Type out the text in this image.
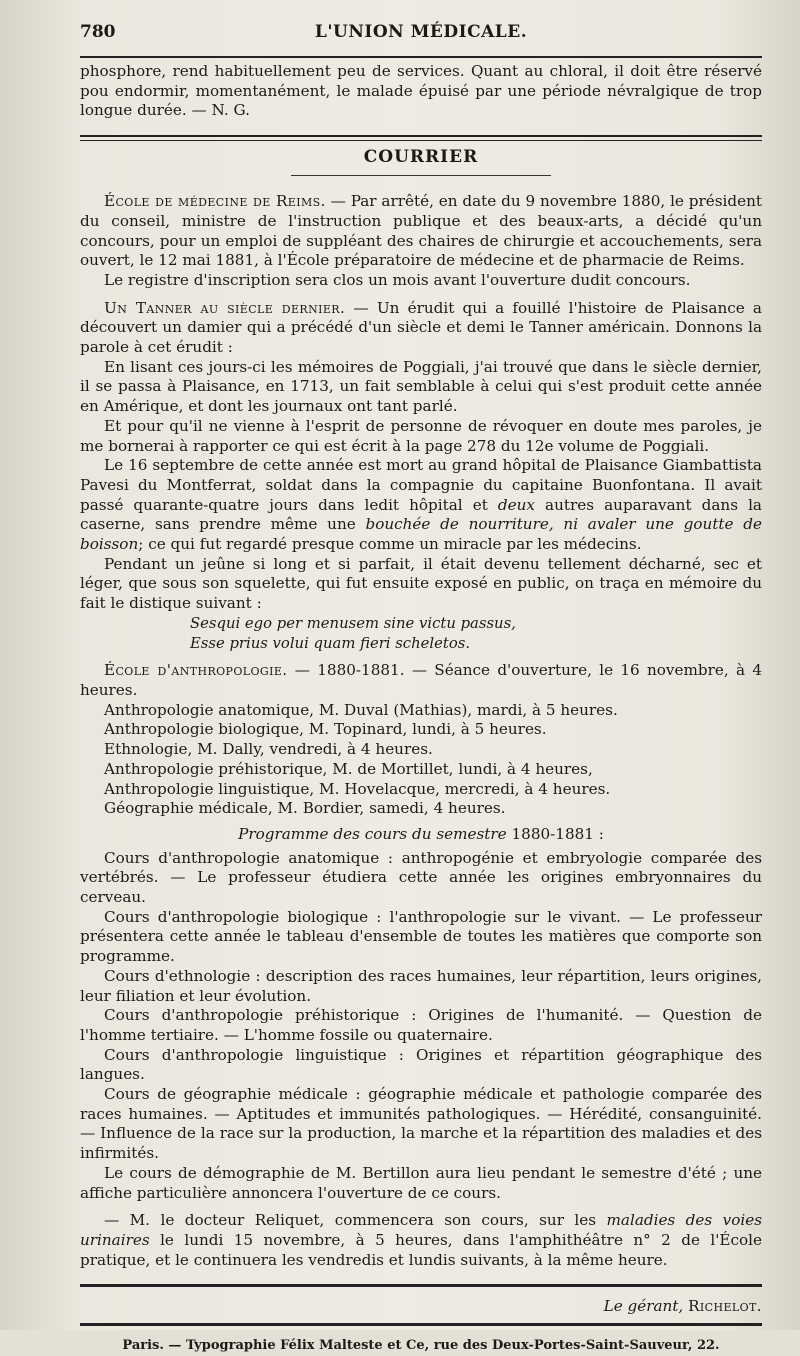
780	L'UNION MÉDICALE.

phosphore, rend habituellement peu de services. Quant au chloral, il doit être réservé pou endormir, momentanément, le malade épuisé par une période névralgique de trop longue durée. — N. G.

COURRIER

École de médecine de Reims. — Par arrêté, en date du 9 novembre 1880, le président du conseil, ministre de l'instruction publique et des beaux-arts, a décidé qu'un concours, pour un emploi de suppléant des chaires de chirurgie et accouchements, sera ouvert, le 12 mai 1881, à l'École préparatoire de médecine et de pharmacie de Reims.

Le registre d'inscription sera clos un mois avant l'ouverture dudit concours.

Un Tanner au siècle dernier. — Un érudit qui a fouillé l'histoire de Plaisance a découvert un damier qui a précédé d'un siècle et demi le Tanner américain. Donnons la parole à cet érudit :

En lisant ces jours-ci les mémoires de Poggiali, j'ai trouvé que dans le siècle dernier, il se passa à Plaisance, en 1713, un fait semblable à celui qui s'est produit cette année en Amérique, et dont les journaux ont tant parlé.

Et pour qu'il ne vienne à l'esprit de personne de révoquer en doute mes paroles, je me bornerai à rapporter ce qui est écrit à la page 278 du 12e volume de Poggiali.

Le 16 septembre de cette année est mort au grand hôpital de Plaisance Giambattista Pavesi du Montferrat, soldat dans la compagnie du capitaine Buonfontana. Il avait passé quarante-quatre jours dans ledit hôpital et deux autres auparavant dans la caserne, sans prendre même une bouchée de nourriture, ni avaler une goutte de boisson; ce qui fut regardé presque comme un miracle par les médecins.

Pendant un jeûne si long et si parfait, il était devenu tellement décharné, sec et léger, que sous son squelette, qui fut ensuite exposé en public, on traça en mémoire du fait le distique suivant :

Sesqui ego per menusem sine victu passus,

Esse prius volui quam fieri scheletos.

École d'anthropologie. — 1880-1881. — Séance d'ouverture, le 16 novembre, à 4 heures.

Anthropologie anatomique, M. Duval (Mathias), mardi, à 5 heures.

Anthropologie biologique, M. Topinard, lundi, à 5 heures.

Ethnologie, M. Dally, vendredi, à 4 heures.

Anthropologie préhistorique, M. de Mortillet, lundi, à 4 heures,

Anthropologie linguistique, M. Hovelacque, mercredi, à 4 heures.

Géographie médicale, M. Bordier, samedi, 4 heures.

Programme des cours du semestre 1880-1881 :

Cours d'anthropologie anatomique : anthropogénie et embryologie comparée des vertébrés. — Le professeur étudiera cette année les origines embryonnaires du cerveau.

Cours d'anthropologie biologique : l'anthropologie sur le vivant. — Le professeur présentera cette année le tableau d'ensemble de toutes les matières que comporte son programme.

Cours d'ethnologie : description des races humaines, leur répartition, leurs origines, leur filiation et leur évolution.

Cours d'anthropologie préhistorique : Origines de l'humanité. — Question de l'homme tertiaire. — L'homme fossile ou quaternaire.

Cours d'anthropologie linguistique : Origines et répartition géographique des langues.

Cours de géographie médicale : géographie médicale et pathologie comparée des races humaines. — Aptitudes et immunités pathologiques. — Hérédité, consanguinité. — Influence de la race sur la production, la marche et la répartition des maladies et des infirmités.

Le cours de démographie de M. Bertillon aura lieu pendant le semestre d'été ; une affiche particulière annoncera l'ouverture de ce cours.

— M. le docteur Reliquet, commencera son cours, sur les maladies des voies urinaires le lundi 15 novembre, à 5 heures, dans l'amphithéâtre n° 2 de l'École pratique, et le continuera les vendredis et lundis suivants, à la même heure.

Le gérant, Richelot.

Paris. — Typographie Félix Malteste et Ce, rue des Deux-Portes-Saint-Sauveur, 22.
